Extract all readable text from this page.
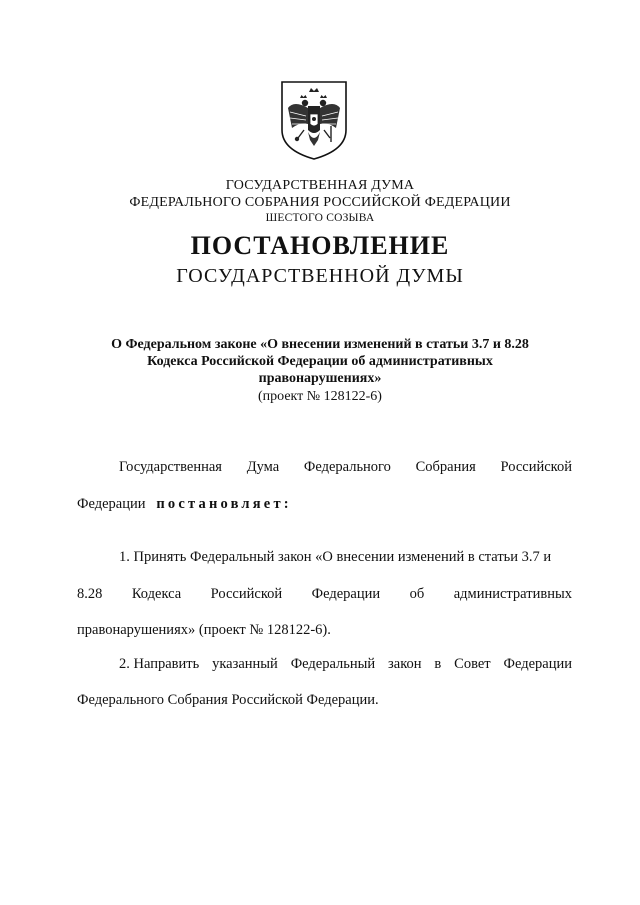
ГОСУДАРСТВЕННАЯ ДУМА
ФЕДЕРАЛЬНОГО СОБРАНИЯ РОССИЙСКОЙ ФЕДЕРАЦИИ
ШЕСТОГО СОЗЫВА
ПОСТАНОВЛЕНИЕ
ГОСУДАРСТВЕННОЙ ДУМЫ
О Федеральном законе «О внесении изменений в статьи 3.7 и 8.28
Кодекса Российской Федерации об административных
правонарушениях»
(проект № 128122-6)
Государственная Дума Федерального Собрания Российской
Федерации постановляет:
1. Принять Федеральный закон «О внесении изменений в статьи 3.7 и
8.28 Кодекса Российской Федерации об административных
правонарушениях» (проект № 128122-6).
2. Направить указанный Федеральный закон в Совет Федерации
Федерального Собрания Российской Федерации.
